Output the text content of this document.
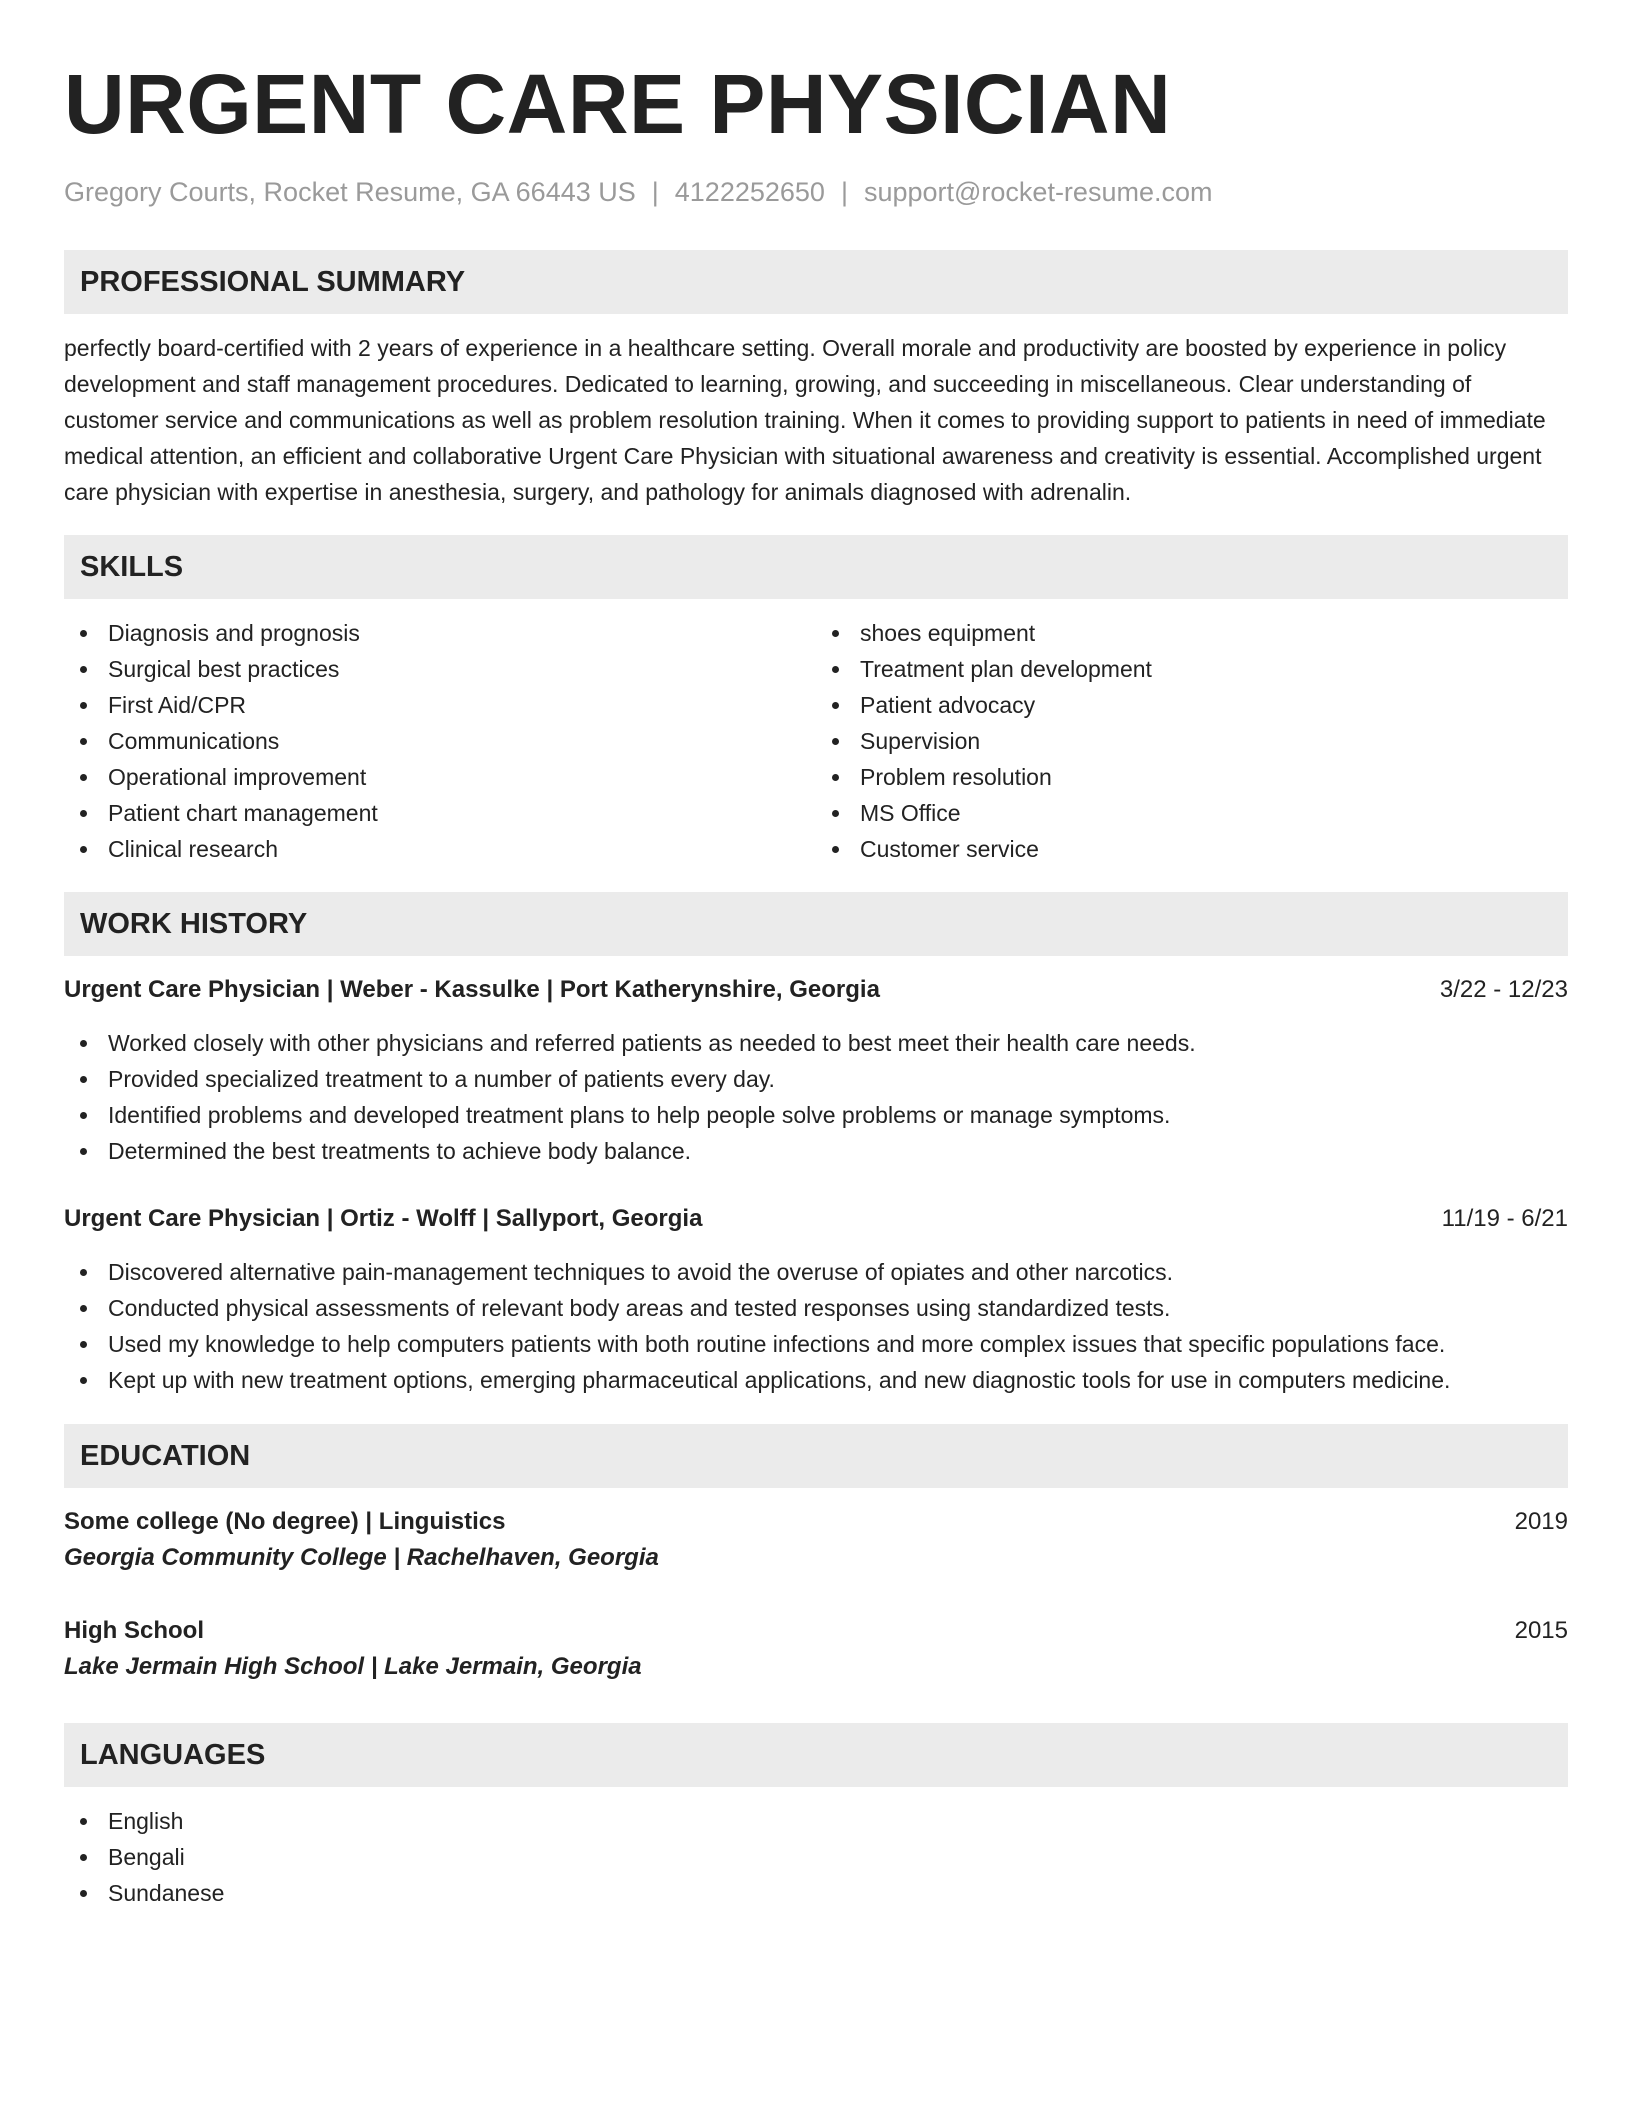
URGENT CARE PHYSICIAN
Gregory Courts, Rocket Resume, GA 66443 US | 4122252650 | support@rocket-resume.com
PROFESSIONAL SUMMARY

perfectly board-certified with 2 years of experience in a healthcare setting. Overall morale and productivity are boosted by experience in policy development and staff management procedures. Dedicated to learning, growing, and succeeding in miscellaneous. Clear understanding of customer service and communications as well as problem resolution training. When it comes to providing support to patients in need of immediate medical attention, an efficient and collaborative Urgent Care Physician with situational awareness and creativity is essential. Accomplished urgent care physician with expertise in anesthesia, surgery, and pathology for animals diagnosed with adrenalin.

SKILLS
Diagnosis and prognosis
Surgical best practices
First Aid/CPR
Communications
Operational improvement
Patient chart management
Clinical research
shoes equipment
Treatment plan development
Patient advocacy
Supervision
Problem resolution
MS Office
Customer service
WORK HISTORY
Urgent Care Physician | Weber - Kassulke | Port Katherynshire, Georgia	3/22 - 12/23
Worked closely with other physicians and referred patients as needed to best meet their health care needs.
Provided specialized treatment to a number of patients every day.
Identified problems and developed treatment plans to help people solve problems or manage symptoms.
Determined the best treatments to achieve body balance.
Urgent Care Physician | Ortiz - Wolff | Sallyport, Georgia	11/19 - 6/21
Discovered alternative pain-management techniques to avoid the overuse of opiates and other narcotics.
Conducted physical assessments of relevant body areas and tested responses using standardized tests.
Used my knowledge to help computers patients with both routine infections and more complex issues that specific populations face.
Kept up with new treatment options, emerging pharmaceutical applications, and new diagnostic tools for use in computers medicine.
EDUCATION
Some college (No degree) | Linguistics	2019
Georgia Community College | Rachelhaven, Georgia
High School	2015
Lake Jermain High School | Lake Jermain, Georgia
LANGUAGES
English
Bengali
Sundanese
